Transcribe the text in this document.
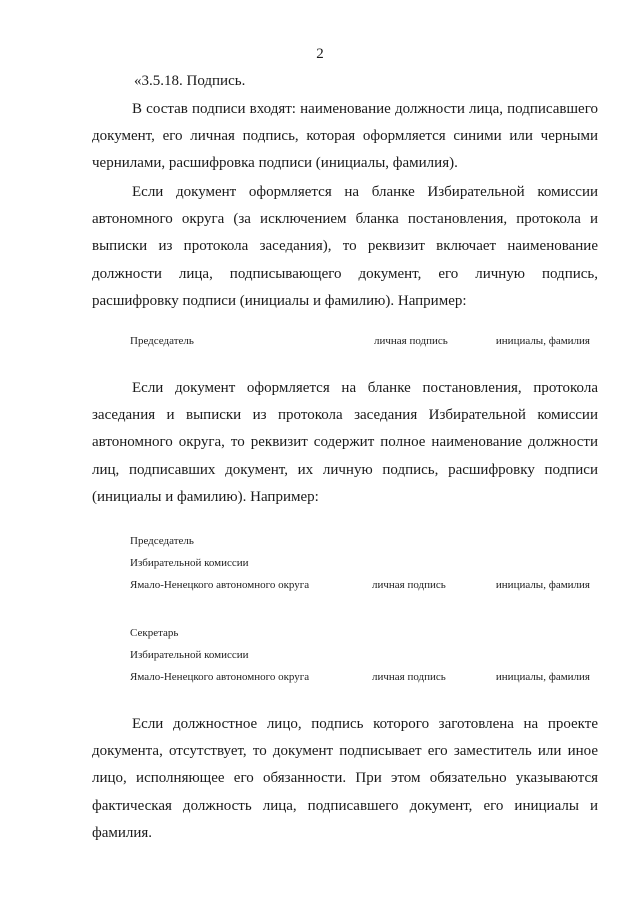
2

«3.5.18. Подпись.

В состав подписи входят: наименование должности лица, подписавшего документ, его личная подпись, которая оформляется синими или черными чернилами, расшифровка подписи (инициалы, фамилия).

Если документ оформляется на бланке Избирательной комиссии автономного округа (за исключением бланка постановления, протокола и выписки из протокола заседания), то реквизит включает наименование должности лица, подписывающего документ, его личную подпись, расшифровку подписи (инициалы и фамилию). Например:

Председатель	личная подпись	инициалы, фамилия

Если документ оформляется на бланке постановления, протокола заседания и выписки из протокола заседания Избирательной комиссии автономного округа, то реквизит содержит полное наименование должности лиц, подписавших документ, их личную подпись, расшифровку подписи (инициалы и фамилию). Например:

Председатель
Избирательной комиссии
Ямало-Ненецкого автономного округа	личная подпись	инициалы, фамилия
Секретарь
Избирательной комиссии
Ямало-Ненецкого автономного округа	личная подпись	инициалы, фамилия

Если должностное лицо, подпись которого заготовлена на проекте документа, отсутствует, то документ подписывает его заместитель или иное лицо, исполняющее его обязанности. При этом обязательно указываются фактическая должность лица, подписавшего документ, его инициалы и фамилия.
